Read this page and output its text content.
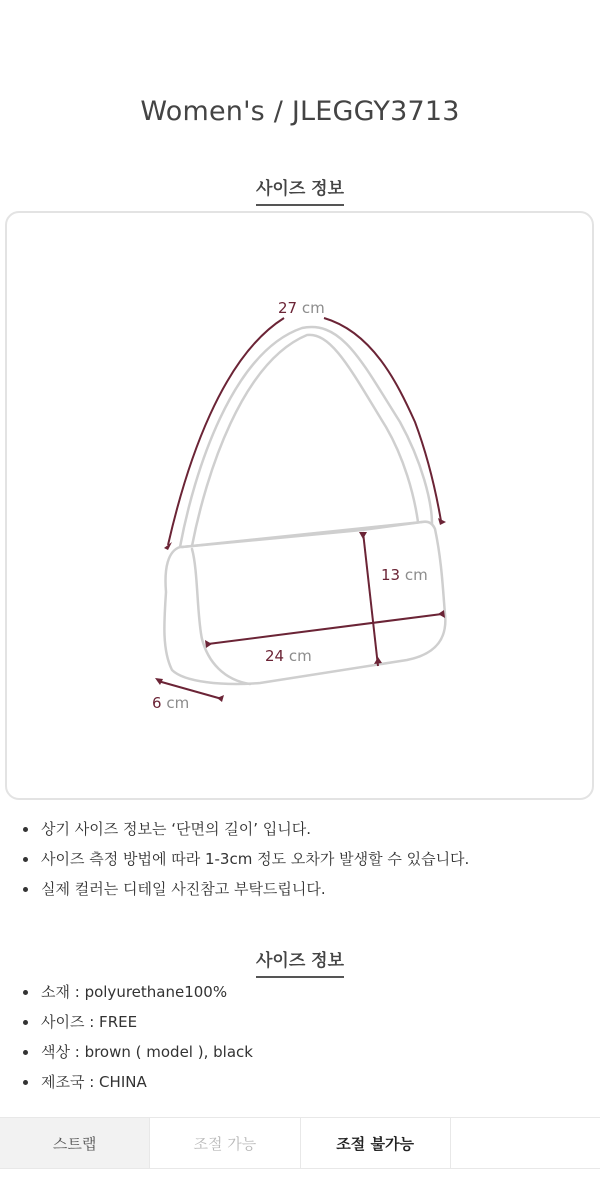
Women's / JLEGGY3713
사이즈 정보
27 cm
13 cm
24 cm
6 cm
상기 사이즈 정보는 ‘단면의 길이’ 입니다.
사이즈 측정 방법에 따라 1-3cm 정도 오차가 발생할 수 있습니다.
실제 컬러는 디테일 사진참고 부탁드립니다.
사이즈 정보
소재 : polyurethane100%
사이즈 : FREE
색상 : brown ( model ), black
제조국 : CHINA
스트랩	조절 가능	조절 불가능
